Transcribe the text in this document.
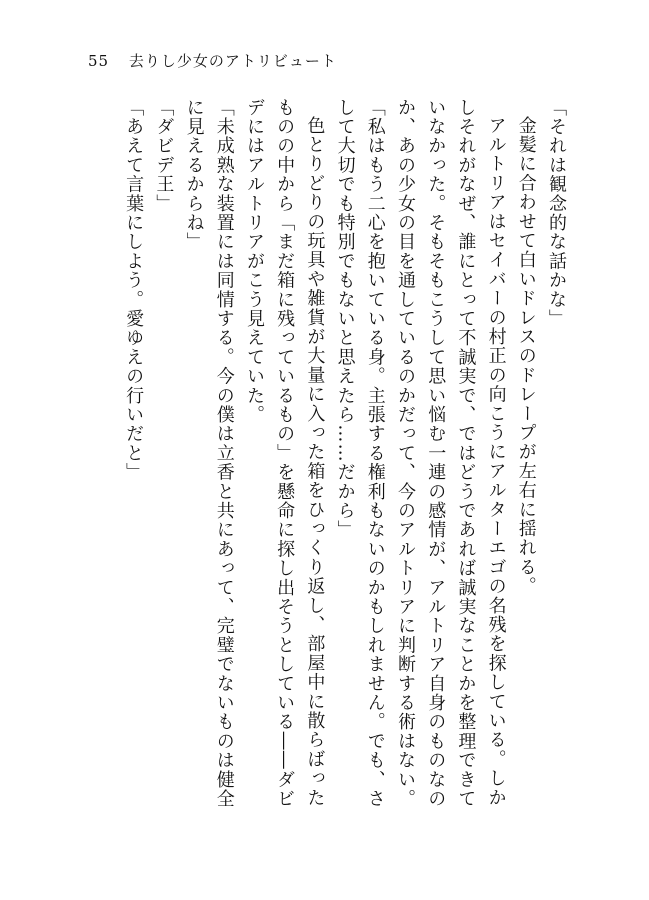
55 去りし少女のアトリビュート

「それは観念的な話かな」

金髪に合わせて白いドレスのドレープが左右に揺れる。

アルトリアはセイバーの村正の向こうにアルターエゴの名残を探している。しかしそれがなぜ、誰にとって不誠実で、ではどうであれば誠実なことかを整理できていなかった。そもそもこうして思い悩む一連の感情が、アルトリア自身のものなのか、あの少女の目を通しているのかだって、今のアルトリアに判断する術はない。

「私はもう二心を抱いている身。主張する権利もないのかもしれません。でも、さして大切でも特別でもないと思えたら……だから」

色とりどりの玩具や雑貨が大量に入った箱をひっくり返し、部屋中に散らばったものの中から「まだ箱に残っているもの」を懸命に探し出そうとしている――ダビデにはアルトリアがこう見えていた。

「未成熟な装置には同情する。今の僕は立香と共にあって、完璧でないものは健全に見えるからね」

「ダビデ王」

「あえて言葉にしよう。愛ゆえの行いだと」
